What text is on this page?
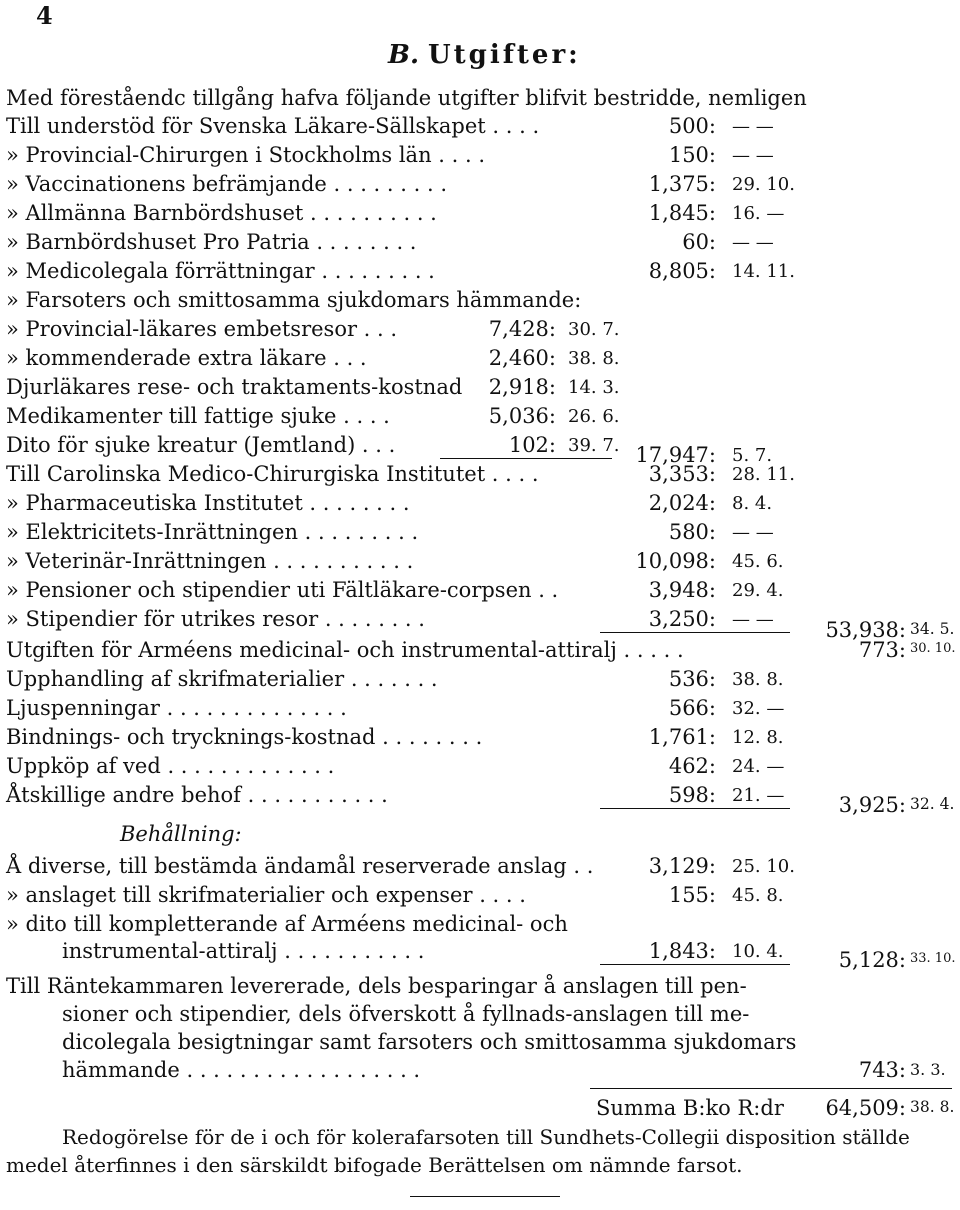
4
B. Utgifter:
Med föreståendc tillgång hafva följande utgifter blifvit bestridde, nemligen
Till understöd för Svenska Läkare-Sällskapet . . . .	500: — —
» Provincial-Chirurgen i Stockholms län . . . .	150: — —
» Vaccinationens befrämjande . . . . . . . . .	1,375: 29. 10.
» Allmänna Barnbördshuset . . . . . . . . . .	1,845: 16. —
» Barnbördshuset Pro Patria . . . . . . . .	60: — —
» Medicolegala förrättningar . . . . . . . . .	8,805: 14. 11.
» Farsoters och smittosamma sjukdomars hämmande:
» Provincial-läkares embetsresor . . .	7,428: 30. 7.
» kommenderade extra läkare . . .	2,460: 38. 8.
Djurläkares rese- och traktaments-kostnad	2,918: 14. 3.
Medikamenter till fattige sjuke . . . .	5,036: 26. 6.
Dito för sjuke kreatur (Jemtland) . . .	102: 39. 7. 17,947: 5. 7.
Till Carolinska Medico-Chirurgiska Institutet . . . .	3,353: 28. 11.
» Pharmaceutiska Institutet . . . . . . . .	2,024: 8. 4.
» Elektricitets-Inrättningen . . . . . . . . .	580: — —
» Veterinär-Inrättningen . . . . . . . . . . .	10,098: 45. 6.
» Pensioner och stipendier uti Fältläkare-corpsen . .	3,948: 29. 4.
» Stipendier för utrikes resor . . . . . . . .	3,250: — —	53,938: 34. 5.
Utgiften för Arméens medicinal- och instrumental-attiralj . . . . .	773: 30. 10.
Upphandling af skrifmaterialier . . . . . . .	536: 38. 8.
Ljuspenningar . . . . . . . . . . . . . .	566: 32. —
Bindnings- och trycknings-kostnad . . . . . . . .	1,761: 12. 8.
Uppköp af ved . . . . . . . . . . . . .	462: 24. —
Åtskillige andre behof . . . . . . . . . . .	598: 21. —	3,925: 32. 4.
Behållning:
Å diverse, till bestämda ändamål reserverade anslag . .	3,129: 25. 10.
» anslaget till skrifmaterialier och expenser . . . .	155: 45. 8.
» dito till kompletterande af Arméens medicinal- och
instrumental-attiralj . . . . . . . . . . .	1,843: 10. 4.	5,128: 33. 10.
Till Räntekammaren levererade, dels besparingar å anslagen till pen-
sioner och stipendier, dels öfverskott å fyllnads-anslagen till me-
dicolegala besigtningar samt farsoters och smittosamma sjukdomars
hämmande . . . . . . . . . . . . . . . . . .	743: 3. 3.
Summa B:ko R:dr	64,509: 38. 8.
Redogörelse för de i och för kolerafarsoten till Sundhets-Collegii disposition ställde
medel återfinnes i den särskildt bifogade Berättelsen om nämnde farsot.
